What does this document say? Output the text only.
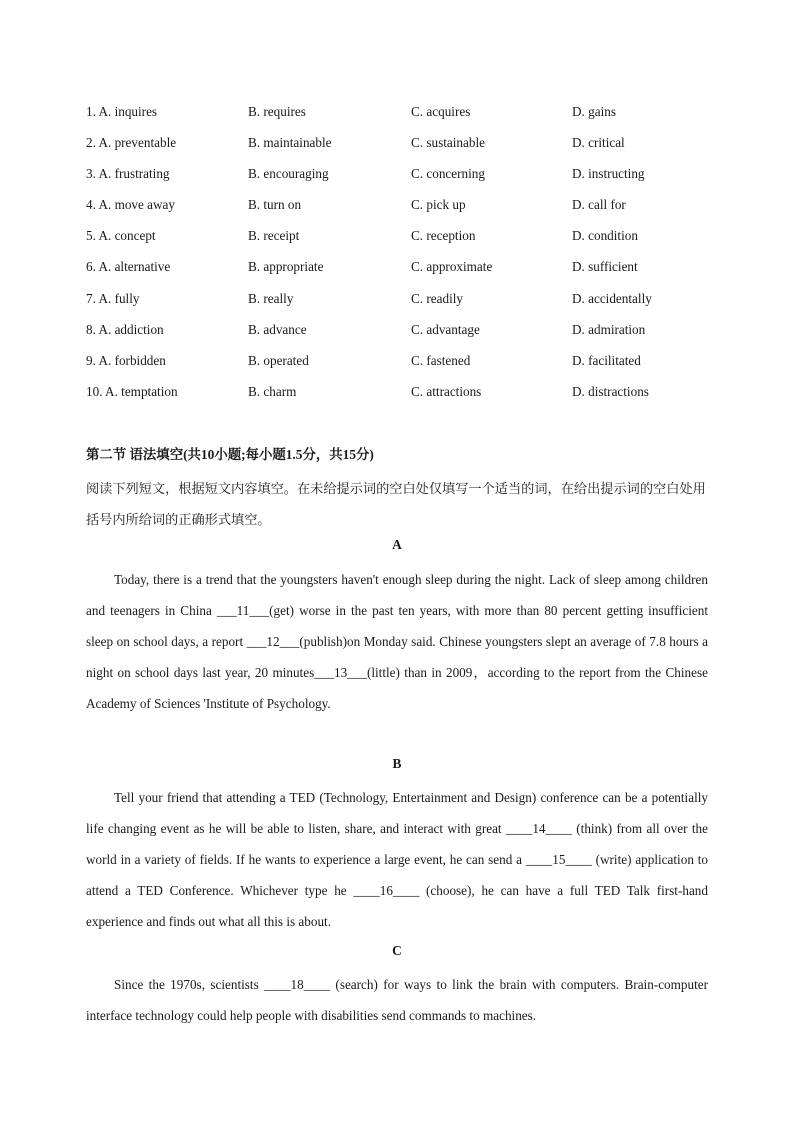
1. A. inquires	B. requires	C. acquires	D. gains
2. A. preventable	B. maintainable	C. sustainable	D. critical
3. A. frustrating	B. encouraging	C. concerning	D. instructing
4. A. move away	B. turn on	C. pick up	D. call for
5. A. concept	B. receipt	C. reception	D. condition
6. A. alternative	B. appropriate	C. approximate	D. sufficient
7. A. fully	B. really	C. readily	D. accidentally
8. A. addiction	B. advance	C. advantage	D. admiration
9. A. forbidden	B. operated	C. fastened	D. facilitated
10. A. temptation	B. charm	C. attractions	D. distractions
第二节 语法填空(共10小题;每小题1.5分，共15分)
阅读下列短文，根据短文内容填空。在未给提示词的空白处仅填写一个适当的词，在给出提示词的空白处用括号内所给词的正确形式填空。
A
Today, there is a trend that the youngsters haven't enough sleep during the night. Lack of sleep among children and teenagers in China ___11___(get) worse in the past ten years, with more than 80 percent getting insufficient sleep on school days, a report ___12___(publish)on Monday said. Chinese youngsters slept an average of 7.8 hours a night on school days last year, 20 minutes___13___(little) than in 2009，according to the report from the Chinese Academy of Sciences 'Institute of Psychology.
B
Tell your friend that attending a TED (Technology, Entertainment and Design) conference can be a potentially life changing event as he will be able to listen, share, and interact with great ____14____ (think) from all over the world in a variety of fields. If he wants to experience a large event, he can send a ____15____ (write) application to attend a TED Conference. Whichever type he ____16____ (choose), he can have a full TED Talk first-hand experience and finds out what all this is about.
C
Since the 1970s, scientists ____18____ (search) for ways to link the brain with computers. Brain-computer interface technology could help people with disabilities send commands to machines.
